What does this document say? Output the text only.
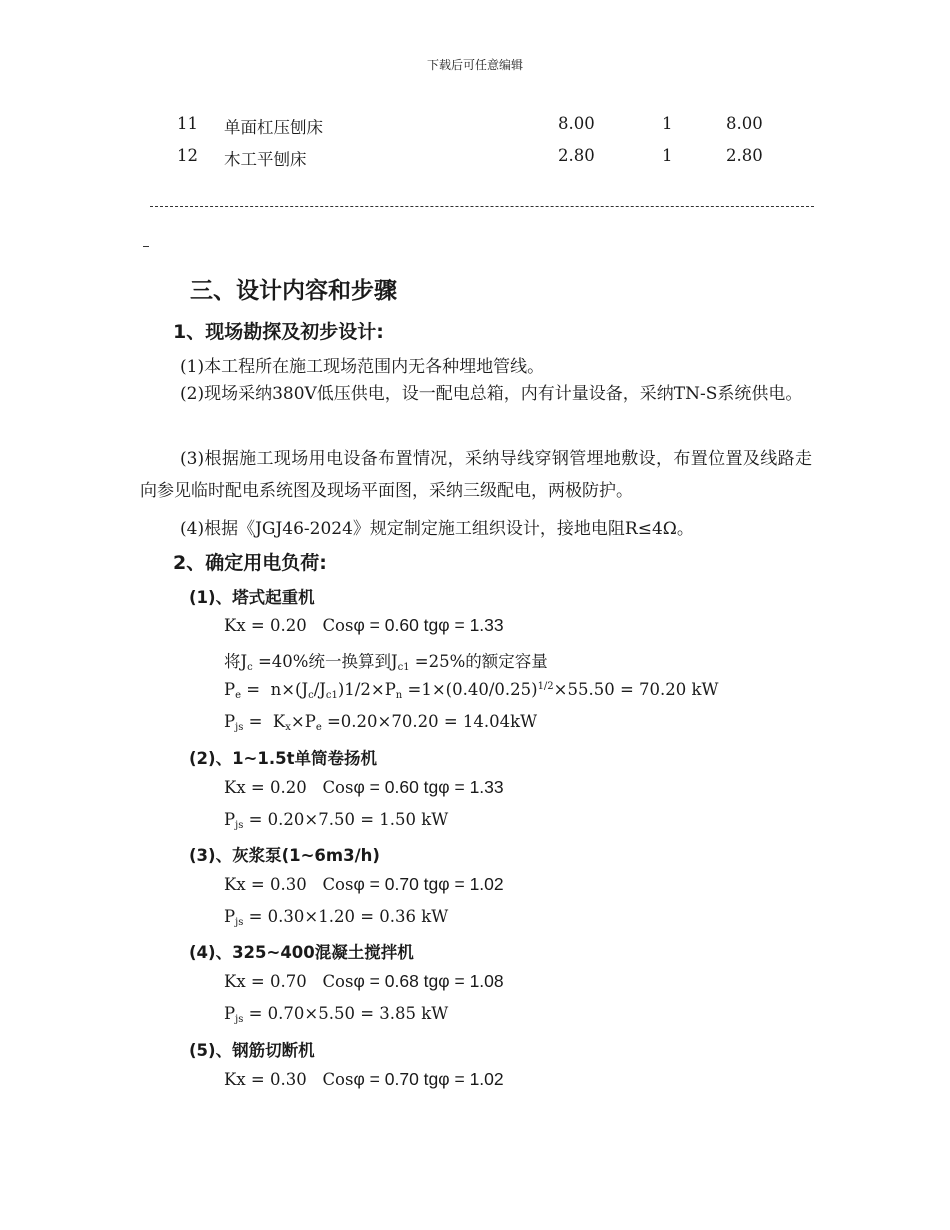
下载后可任意编辑
11 单面杠压刨床	8.00	1	8.00
12 木工平刨床	2.80	1	2.80
三、设计内容和步骤
1、现场勘探及初步设计:
(1)本工程所在施工现场范围内无各种埋地管线。
(2)现场采纳380V低压供电，设一配电总箱，内有计量设备，采纳TN-S系统供电。
(3)根据施工现场用电设备布置情况，采纳导线穿钢管埋地敷设，布置位置及线路走向参见临时配电系统图及现场平面图，采纳三级配电，两极防护。
(4)根据《JGJ46-2024》规定制定施工组织设计，接地电阻R≤4Ω。
2、确定用电负荷:
(1)、塔式起重机
Kx = 0.20 Cosφ = 0.60 tgφ = 1.33
将$J_c =40\%$统一换算到$J_{c1} =25\%$的额定容量
$P_e = n\times(J_c/J_{c1})1/2\times P_n =1\times(0.40/0.25)^{1/2}\times 55.50 = 70.20$ kW
$P_{js} = K_x\times P_e =0.20\times 70.20 = 14.04kW$
(2)、1~1.5t单筒卷扬机
Kx = 0.20 Cosφ = 0.60 tgφ = 1.33
$P_{js} = 0.20\times 7.50 = 1.50$ kW
(3)、灰浆泵(1~6m3/h)
Kx = 0.30 Cosφ = 0.70 tgφ = 1.02
$P_{js} = 0.30\times 1.20 = 0.36$ kW
(4)、325~400混凝土搅拌机
Kx = 0.70 Cosφ = 0.68 tgφ = 1.08
$P_{js} = 0.70\times 5.50 = 3.85$ kW
(5)、钢筋切断机
Kx = 0.30 Cosφ = 0.70 tgφ = 1.02
